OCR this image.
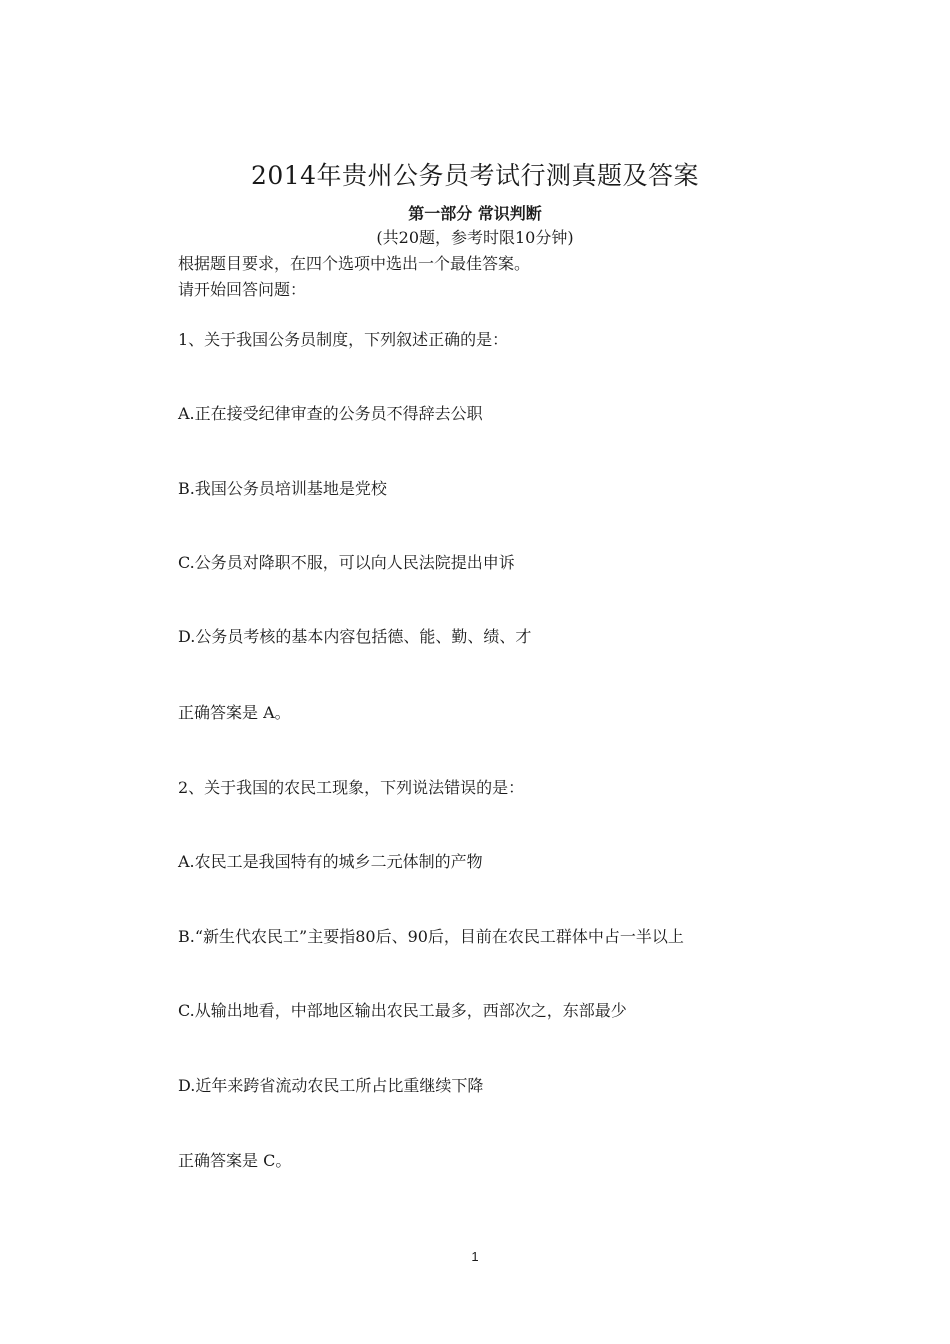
2014年贵州公务员考试行测真题及答案
第一部分 常识判断
(共20题，参考时限10分钟)
根据题目要求，在四个选项中选出一个最佳答案。
请开始回答问题：
1、关于我国公务员制度，下列叙述正确的是：
A.正在接受纪律审查的公务员不得辞去公职
B.我国公务员培训基地是党校
C.公务员对降职不服，可以向人民法院提出申诉
D.公务员考核的基本内容包括德、能、勤、绩、才
正确答案是 A。
2、关于我国的农民工现象，下列说法错误的是：
A.农民工是我国特有的城乡二元体制的产物
B.“新生代农民工”主要指80后、90后，目前在农民工群体中占一半以上
C.从输出地看，中部地区输出农民工最多，西部次之，东部最少
D.近年来跨省流动农民工所占比重继续下降
正确答案是 C。
1
